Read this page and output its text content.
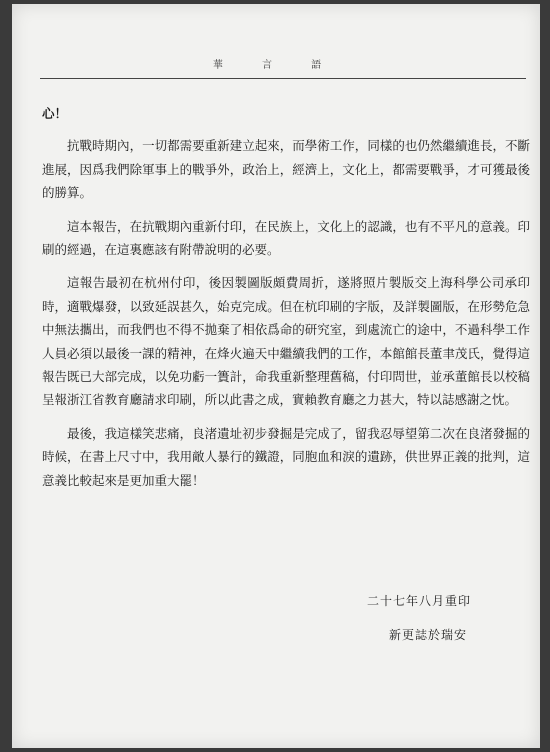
華 言 語

心！

抗戰時期內，一切都需要重新建立起來，而學術工作，同樣的也仍然繼續進長，不斷進展，因爲我們除軍事上的戰爭外，政治上，經濟上，文化上，都需要戰爭，才可獲最後的勝算。

這本報告，在抗戰期內重新付印，在民族上，文化上的認識，也有不平凡的意義。印刷的經過，在這裏應該有附帶說明的必要。

這報告最初在杭州付印，後因製圖版頗費周折，遂將照片製版交上海科學公司承印時，適戰爆發，以致延誤甚久，始克完成。但在杭印刷的字版，及詳製圖版，在形勢危急中無法攜出，而我們也不得不拋棄了相依爲命的研究室，到處流亡的途中，不過科學工作人員必須以最後一課的精神，在烽火遍天中繼續我們的工作，本館館長董聿茂氏，覺得這報告既已大部完成，以免功虧一簣計，命我重新整理舊稿，付印問世，並承董館長以校稿呈報浙江省教育廳請求印刷，所以此書之成，實賴教育廳之力甚大，特以誌感謝之忱。

最後，我這樣笑悲痛，良渚遺址初步發掘是完成了，留我忍辱望第二次在良渚發掘的時候，在書上尺寸中，我用敵人暴行的鐵證，同胞血和淚的遺跡，供世界正義的批判，這意義比較起來是更加重大罷！

二十七年八月重印
新更誌於瑞安
